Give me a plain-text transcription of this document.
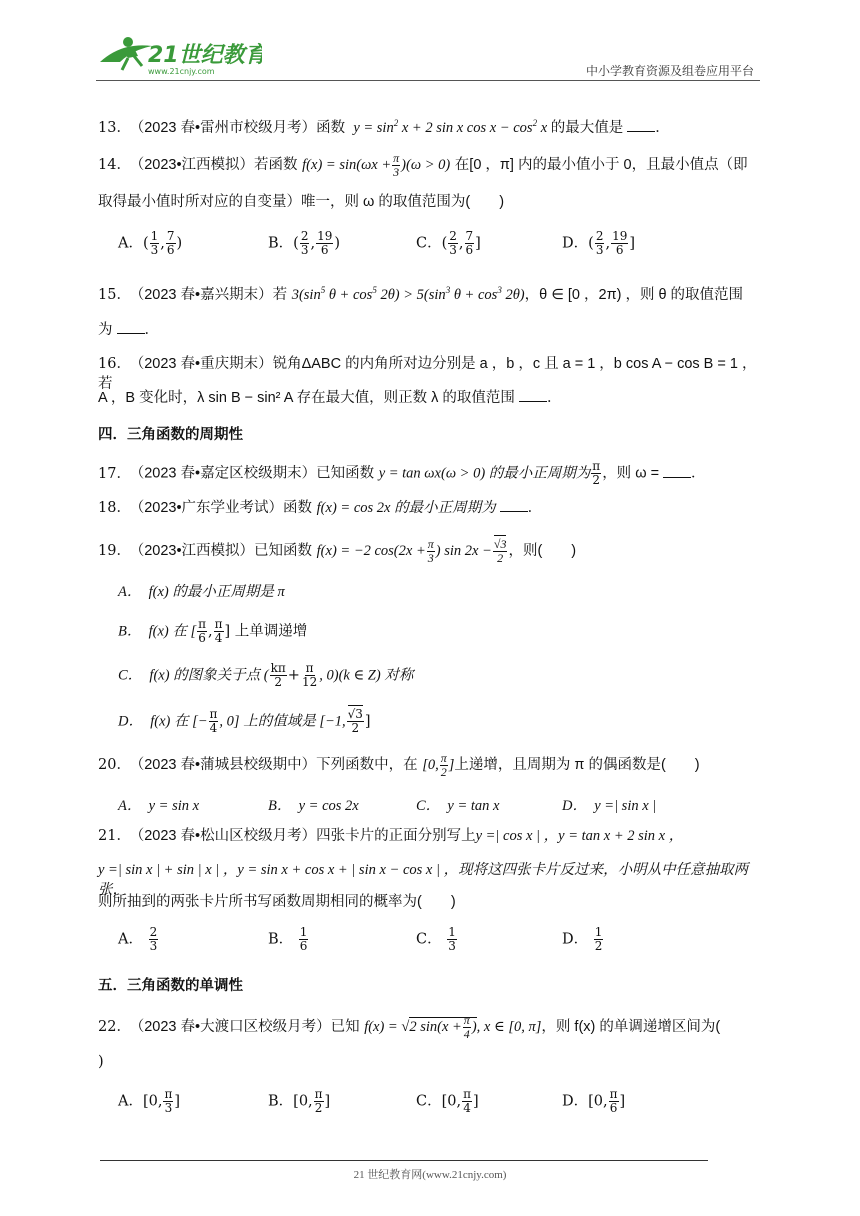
21世纪教育
www.21cnjy.com	中小学教育资源及组卷应用平台
13． （2023 春•雷州市校级月考）函数  $y = \sin^2 x + 2$ sin x $\cos x - \cos^2 x$ 的最大值是 ．
14． （2023•江西模拟）若函数 $f(x) = \sin(\omega x + \frac{\pi}{3} )(\omega > 0)$ 在[0 ，π] 内的最小值小于 0，且最小值点（即
取得最小值时所对应的自变量）唯一，则 ω 的取值范围为(　　)
A．( $\frac{1}{3}$ , $\frac{7}{6}$ )	B．( $\frac{2}{3}$ , $\frac{19}{6}$ )	C．( $\frac{2}{3}$ , $\frac{7}{6}$ ]	D．( $\frac{2}{3}$ , $\frac{19}{6}$ ]
15． （2023 春•嘉兴期末）若 $3(\sin^5$ $\theta + \cos^5 2\theta) > 5(\sin^3$ $\theta + \cos^3 2\theta$)，θ ∈ [0 ，2π) ，则 θ 的取值范围
为 ．
16． （2023 春•重庆期末）锐角ΔABC 的内角所对边分别是 a ，b ，c 且 a = 1 ，b cos A − cos B = 1 ，若
A ，B 变化时，λ sin B − sin² A 存在最大值，则正数 λ 的取值范围 ．
四．三角函数的周期性
17． （2023 春•嘉定区校级期末）已知函数 y = tan ωx(ω > 0) 的最小正周期为 $\frac{\pi}{2}$ ，则 ω = ．
18． （2023•广东学业考试）函数 f(x) = cos 2x 的最小正周期为 ．
19． （2023•江西模拟）已知函数 f(x) = −2 $\cos(2x + \frac{\pi}{3}$ ) $\sin 2x - \frac{√3}{2}$ ，则(　　)
A．　f(x) 的最小正周期是 π
B．　f(x) 在 [ $\frac{\pi}{6}$ , $\frac{\pi}{4}$ ] 上单调递增
C．　f(x) 的图象关于点 ( $\frac{k\pi}{2} + \frac{\pi}{12}$ , 0)(k ∈ Z) 对称
D．　f(x) 在 [− $\frac{\pi}{4}$ , 0] 上的值域是 [−1, $\frac{√3}{2}$ ]
20． （2023 春•蒲城县校级期中）下列函数中，在 [0, $\frac{\pi}{2}$ ]上递增，且周期为 π 的偶函数是(　　)
A．　y = sin x	B．　y = cos 2x	C．　y = tan x	D．　y =| sin x |
21． （2023 春•松山区校级月考）四张卡片的正面分别写上y =| cos x | ，y = tan x + 2 sin x ，
y =| sin x | + sin | x | ，y = sin x + cos x + | sin x − cos x | ，现将这四张卡片反过来，小明从中任意抽取两张，
则所抽到的两张卡片所书写函数周期相同的概率为(　　)
A． $\frac{2}{3}$	B． $\frac{1}{6}$	C． $\frac{1}{3}$	D． $\frac{1}{2}$
五．三角函数的单调性
22． （2023 春•大渡口区校级月考）已知 f(x) = √2 $\sin(x + \frac{\pi}{4}$ ), x ∈ [0, π]，则 f(x) 的单调递增区间为(
)
A．[0, $\frac{\pi}{3}$ ]	B．[0, $\frac{\pi}{2}$ ]	C．[0, $\frac{\pi}{4}$ ]	D．[0, $\frac{\pi}{6}$ ]
21 世纪教育网(www.21cnjy.com)
